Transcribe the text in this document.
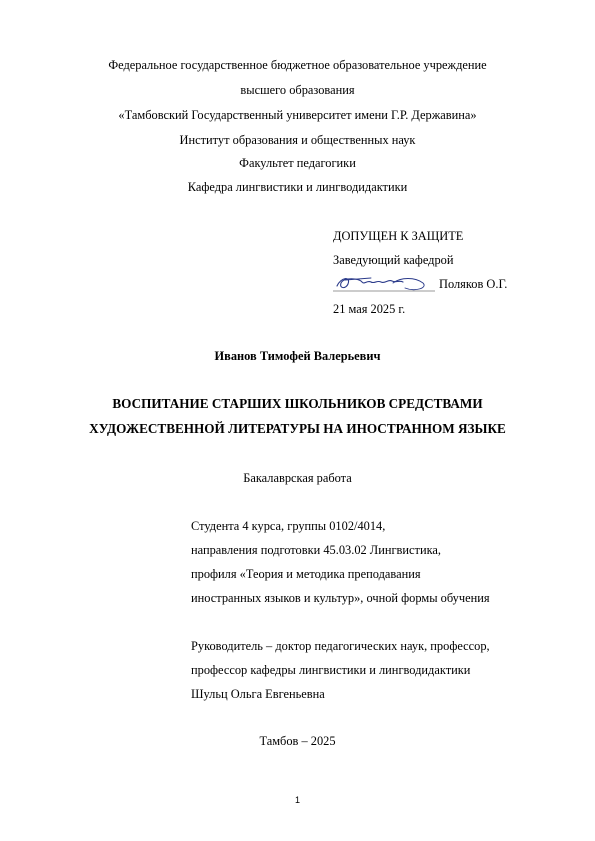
Федеральное государственное бюджетное образовательное учреждение
высшего образования
«Тамбовский Государственный университет имени Г.Р. Державина»
Институт образования и общественных наук
Факультет педагогики
Кафедра лингвистики и лингводидактики
ДОПУЩЕН К ЗАЩИТЕ
Заведующий кафедрой
Поляков О.Г.
21 мая 2025 г.
Иванов Тимофей Валерьевич
ВОСПИТАНИЕ СТАРШИХ ШКОЛЬНИКОВ СРЕДСТВАМИ
ХУДОЖЕСТВЕННОЙ ЛИТЕРАТУРЫ НА ИНОСТРАННОМ ЯЗЫКЕ
Бакалаврская работа
Студента 4 курса, группы 0102/4014,
направления подготовки 45.03.02 Лингвистика,
профиля «Теория и методика преподавания
иностранных языков и культур», очной формы обучения
Руководитель – доктор педагогических наук, профессор,
профессор кафедры лингвистики и лингводидактики
Шульц Ольга Евгеньевна
Тамбов – 2025
1
